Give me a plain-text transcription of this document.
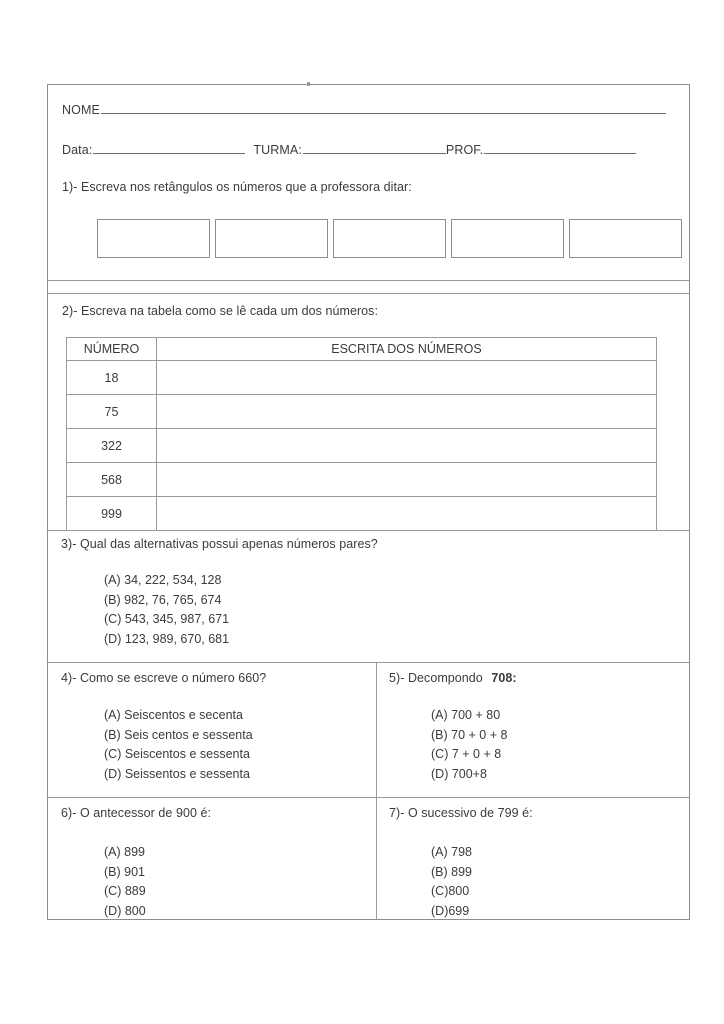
NOME
Data:	TURMA:	PROF.
1)- Escreva nos retângulos os números que a professora ditar:
2)- Escreva na tabela como se lê cada um dos números:
NÚMERO	ESCRITA DOS NÚMEROS
18	
75	
322	
568	
999	
3)- Qual das alternativas possui apenas números pares?
(A) 34, 222, 534, 128
(B) 982, 76, 765, 674
(C) 543, 345, 987, 671
(D) 123, 989, 670, 681
4)- Como se escreve o número 660?
(A) Seiscentos e secenta
(B) Seis centos e sessenta
(C) Seiscentos e sessenta
(D) Seissentos e sessenta
5)- Decompondo 708:
(A) 700 + 80
(B) 70 + 0 + 8
(C) 7 + 0 + 8
(D) 700+8
6)- O antecessor de 900 é:
(A) 899
(B) 901
(C) 889
(D) 800
7)- O sucessivo de 799 é:
(A) 798
(B) 899
(C)800
(D)699
